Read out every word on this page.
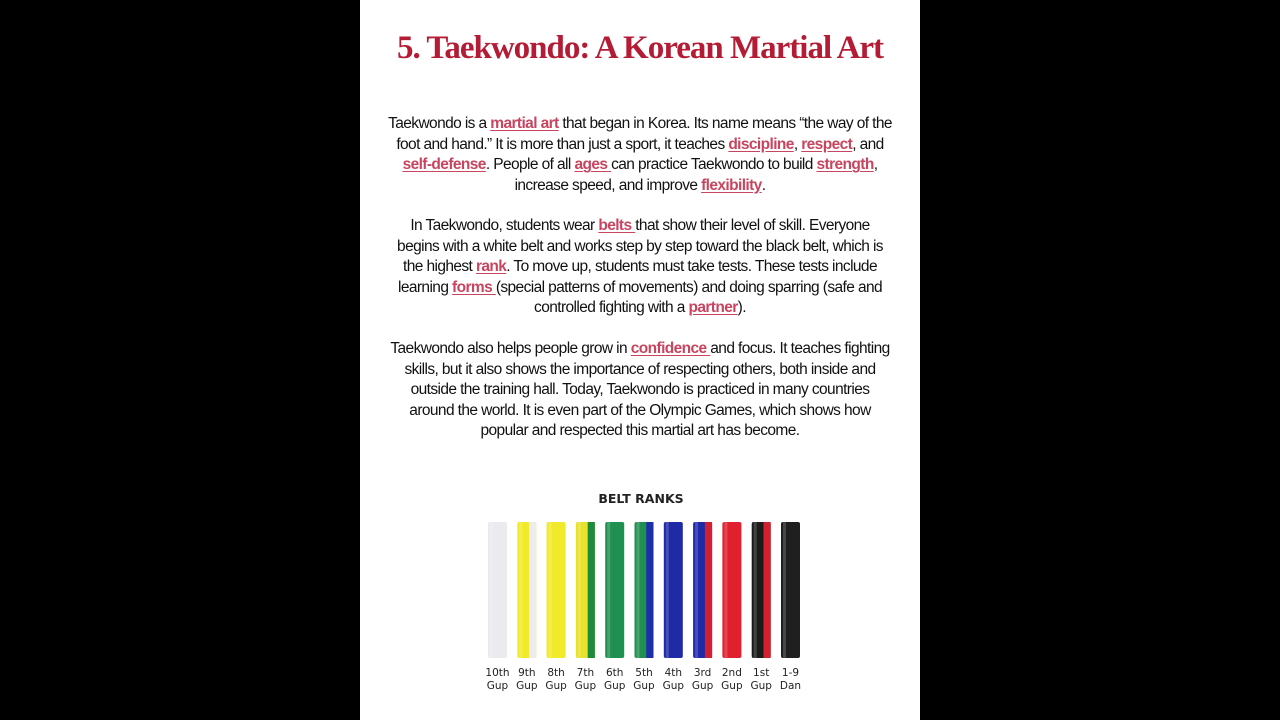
5. Taekwondo: A Korean Martial Art

Taekwondo is a martial art that began in Korea. Its name means “the way of the foot and hand.” It is more than just a sport, it teaches discipline, respect, and self-defense. People of all ages can practice Taekwondo to build strength, increase speed, and improve flexibility.

In Taekwondo, students wear belts that show their level of skill. Everyone begins with a white belt and works step by step toward the black belt, which is the highest rank. To move up, students must take tests. These tests include learning forms (special patterns of movements) and doing sparring (safe and controlled fighting with a partner).

Taekwondo also helps people grow in confidence and focus. It teaches fighting skills, but it also shows the importance of respecting others, both inside and outside the training hall. Today, Taekwondo is practiced in many countries around the world. It is even part of the Olympic Games, which shows how popular and respected this martial art has become.

BELT RANKS

10th
Gup
9th
Gup
8th
Gup
7th
Gup
6th
Gup
5th
Gup
4th
Gup
3rd
Gup
2nd
Gup
1st
Gup
1-9
Dan
